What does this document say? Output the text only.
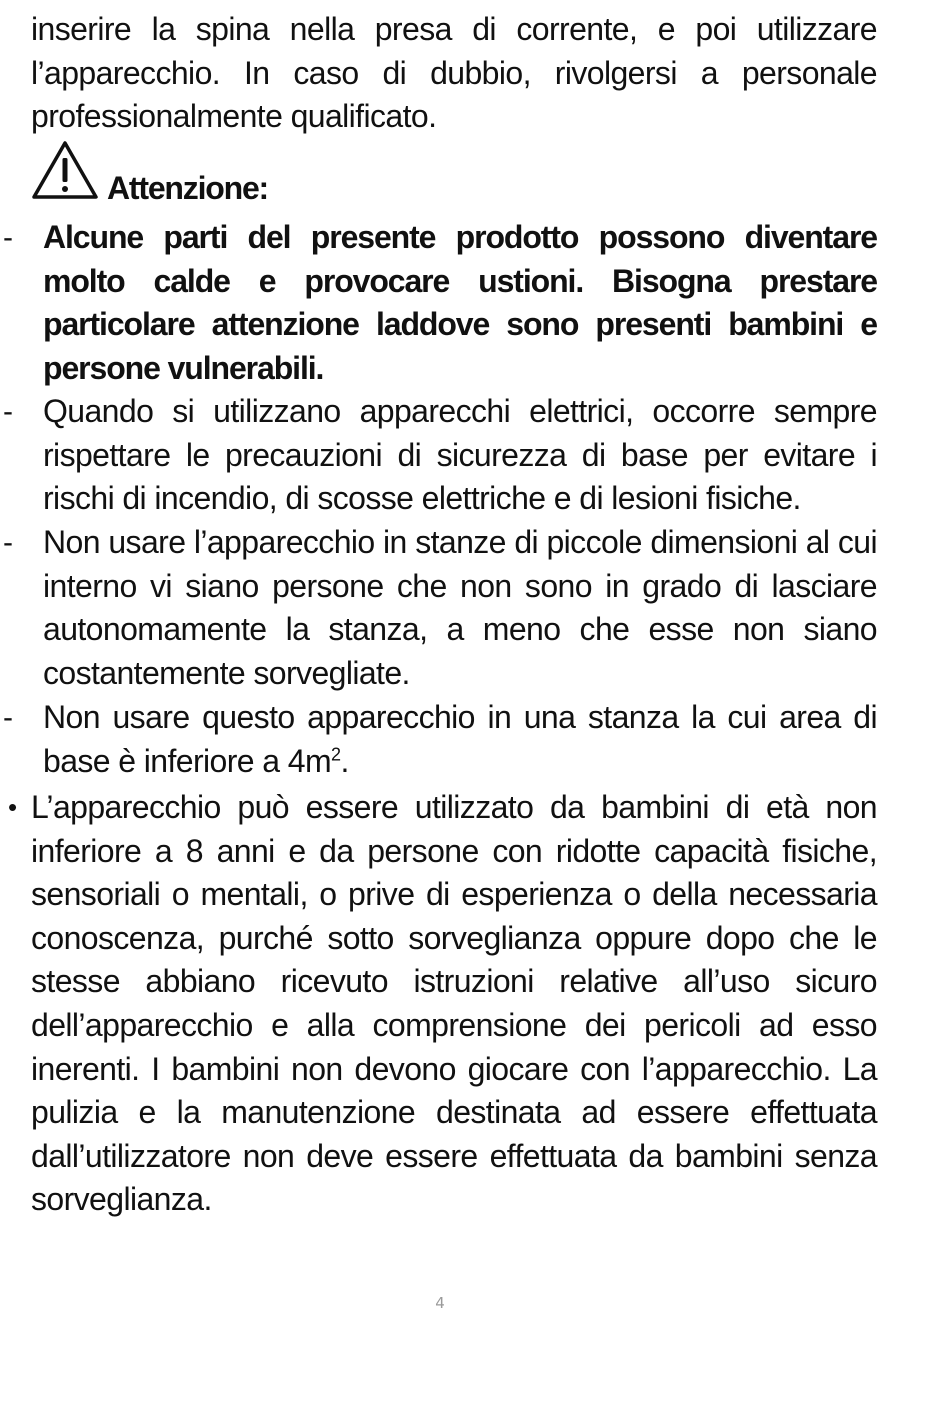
inserire la spina nella presa di corrente, e poi utilizzare l’apparecchio. In caso di dubbio, rivolgersi a personale professionalmente qualificato.

Attenzione:
- Alcune parti del presente prodotto possono diventare molto calde e provocare ustioni. Bisogna prestare particolare attenzione laddove sono presenti bambini e persone vulnerabili.

- Quando si utilizzano apparecchi elettrici, occorre sempre rispettare le precauzioni di sicurezza di base per evitare i rischi di incendio, di scosse elettriche e di lesioni fisiche.

- Non usare l’apparecchio in stanze di piccole dimensioni al cui interno vi siano persone che non sono in grado di lasciare autonomamente la stanza, a meno che esse non siano costantemente sorvegliate.

- Non usare questo apparecchio in una stanza la cui area di base è inferiore a $4m^2$.

• L’apparecchio può essere utilizzato da bambini di età non inferiore a 8 anni e da persone con ridotte capacità fisiche, sensoriali o mentali, o prive di esperienza o della necessaria conoscenza, purché sotto sorveglianza oppure dopo che le stesse abbiano ricevuto istruzioni relative all’uso sicuro dell’apparecchio e alla comprensione dei pericoli ad esso inerenti. I bambini non devono giocare con l’apparecchio. La pulizia e la manutenzione destinata ad essere effettuata dall’utilizzatore non deve essere effettuata da bambini senza sorveglianza.

4
